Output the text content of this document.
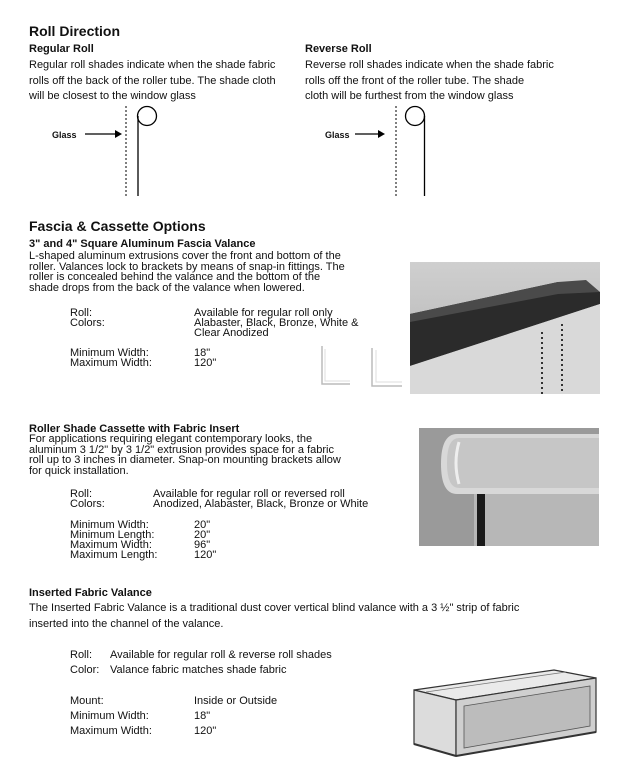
Roll Direction
Regular Roll
Regular roll shades indicate when the shade fabric
rolls off the back of the roller tube. The shade cloth
will be closest to the window glass
Reverse Roll
Reverse roll shades indicate when the shade fabric
rolls off the front of the roller tube. The shade
cloth will be furthest from the window glass
Glass	Glass
Fascia & Cassette Options
3" and 4" Square Aluminum Fascia Valance
L-shaped aluminum extrusions cover the front and bottom of the
roller. Valances lock to brackets by means of snap-in fittings. The
roller is concealed behind the valance and the bottom of the
shade drops from the back of the valance when lowered.
Roll:	Available for regular roll only
Colors:	Alabaster, Black, Bronze, White &
Clear Anodized
Minimum Width:	18"
Maximum Width:	120"
Roller Shade Cassette with Fabric Insert
For applications requiring elegant contemporary looks, the
aluminum 3 1/2" by 3 1/2" extrusion provides space for a fabric
roll up to 3 inches in diameter. Snap-on mounting brackets allow
for quick installation.
Roll:	Available for regular roll or reversed roll
Colors:	Anodized, Alabaster, Black, Bronze or White
Minimum Width:	20"
Minimum Length:	20"
Maximum Width:	96"
Maximum Length:	120"
Inserted Fabric Valance
The Inserted Fabric Valance is a traditional dust cover vertical blind valance with a 3 ½" strip of fabric
inserted into the channel of the valance.
Roll: Available for regular roll & reverse roll shades
Color: Valance fabric matches shade fabric
Mount:	Inside or Outside
Minimum Width:	18"
Maximum Width:	120"
